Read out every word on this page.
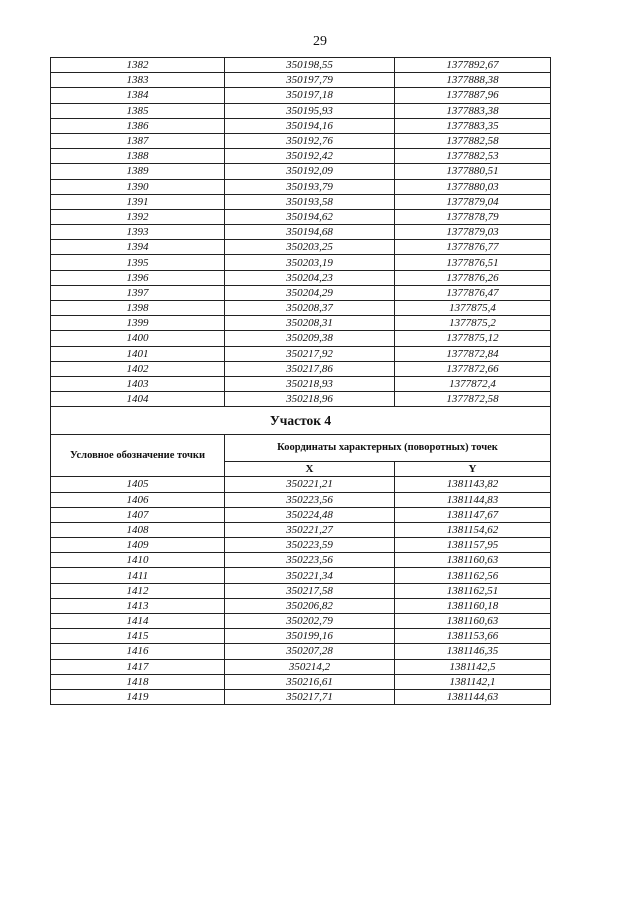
29
1382	350198,55	1377892,67
1383	350197,79	1377888,38
1384	350197,18	1377887,96
1385	350195,93	1377883,38
1386	350194,16	1377883,35
1387	350192,76	1377882,58
1388	350192,42	1377882,53
1389	350192,09	1377880,51
1390	350193,79	1377880,03
1391	350193,58	1377879,04
1392	350194,62	1377878,79
1393	350194,68	1377879,03
1394	350203,25	1377876,77
1395	350203,19	1377876,51
1396	350204,23	1377876,26
1397	350204,29	1377876,47
1398	350208,37	1377875,4
1399	350208,31	1377875,2
1400	350209,38	1377875,12
1401	350217,92	1377872,84
1402	350217,86	1377872,66
1403	350218,93	1377872,4
1404	350218,96	1377872,58
Участок 4		
Условное обозначение точки	Координаты характерных (поворотных) точек	
	X	Y
1405	350221,21	1381143,82
1406	350223,56	1381144,83
1407	350224,48	1381147,67
1408	350221,27	1381154,62
1409	350223,59	1381157,95
1410	350223,56	1381160,63
1411	350221,34	1381162,56
1412	350217,58	1381162,51
1413	350206,82	1381160,18
1414	350202,79	1381160,63
1415	350199,16	1381153,66
1416	350207,28	1381146,35
1417	350214,2	1381142,5
1418	350216,61	1381142,1
1419	350217,71	1381144,63
